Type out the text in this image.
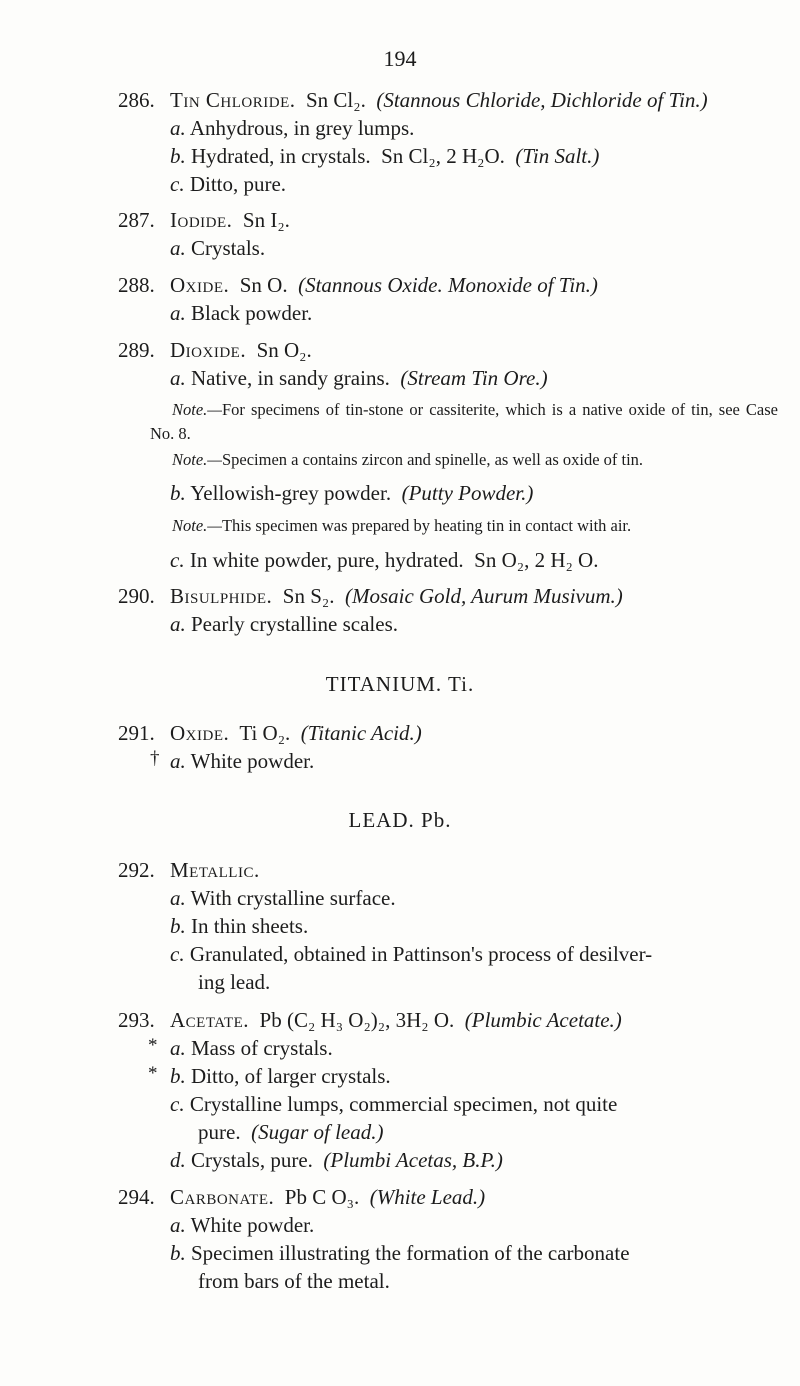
194
286. Tin Chloride. Sn Cl₂. (Stannous Chloride, Dichloride of Tin.)
a. Anhydrous, in grey lumps.
b. Hydrated, in crystals. Sn Cl₂, 2 H₂O. (Tin Salt.)
c. Ditto, pure.
287. Iodide. Sn I₂.
a. Crystals.
288. Oxide. Sn O. (Stannous Oxide. Monoxide of Tin.)
a. Black powder.
289. Dioxide. Sn O₂.
a. Native, in sandy grains. (Stream Tin Ore.)
Note.—For specimens of tin-stone or cassiterite, which is a native oxide of tin, see Case No. 8.
Note.—Specimen a contains zircon and spinelle, as well as oxide of tin.
b. Yellowish-grey powder. (Putty Powder.)
Note.—This specimen was prepared by heating tin in contact with air.
c. In white powder, pure, hydrated. Sn O₂, 2 H₂ O.
290. Bisulphide. Sn S₂. (Mosaic Gold, Aurum Musivum.)
a. Pearly crystalline scales.
TITANIUM. Ti.
291. Oxide. Ti O₂. (Titanic Acid.)
† a. White powder.
LEAD. Pb.
292. Metallic.
a. With crystalline surface.
b. In thin sheets.
c. Granulated, obtained in Pattinson's process of desilver-
ing lead.
293. Acetate. Pb (C₂ H₃ O₂)₂, 3H₂ O. (Plumbic Acetate.)
* a. Mass of crystals.
* b. Ditto, of larger crystals.
c. Crystalline lumps, commercial specimen, not quite
pure. (Sugar of lead.)
d. Crystals, pure. (Plumbi Acetas, B.P.)
294. Carbonate. Pb C O₃. (White Lead.)
a. White powder.
b. Specimen illustrating the formation of the carbonate
from bars of the metal.
